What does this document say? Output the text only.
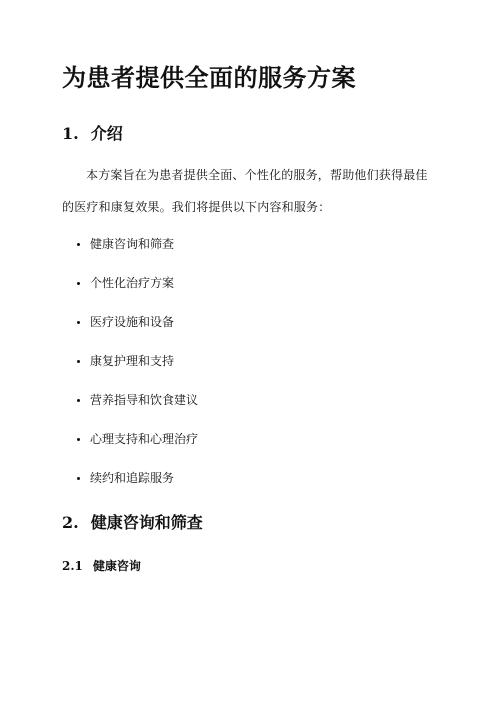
为患者提供全面的服务方案
1. 介绍
本方案旨在为患者提供全面、个性化的服务，帮助他们获得最佳的医疗和康复效果。我们将提供以下内容和服务：
健康咨询和筛查
个性化治疗方案
医疗设施和设备
康复护理和支持
营养指导和饮食建议
心理支持和心理治疗
续约和追踪服务
2. 健康咨询和筛查
2.1 健康咨询
